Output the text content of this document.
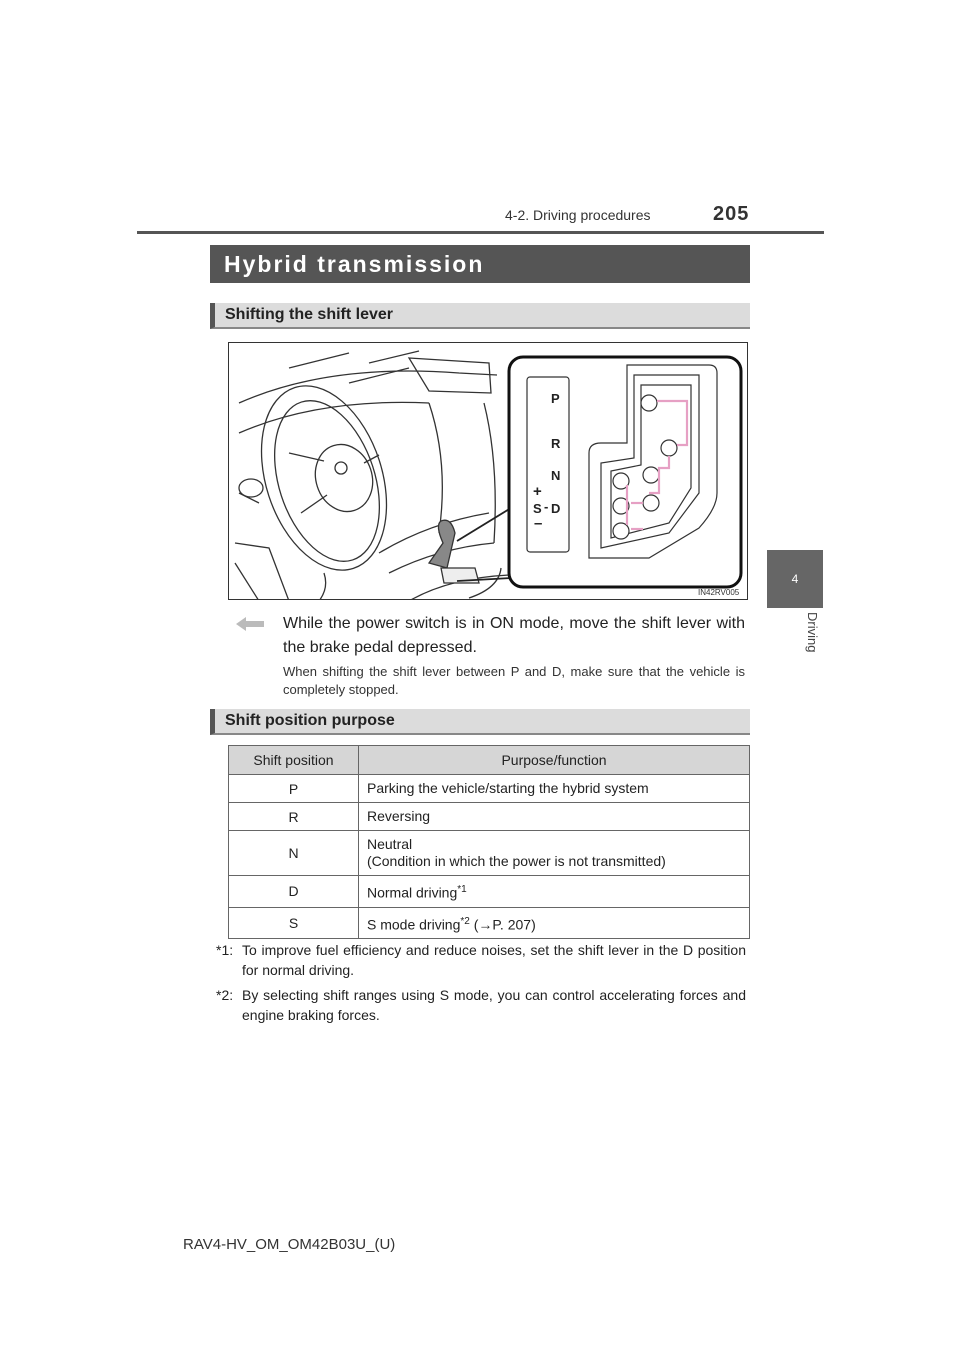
4-2. Driving procedures	205
4
Driving
Hybrid transmission
Shifting the shift lever
P
R
N
D
S
+
-
–
IN42RV005
While the power switch is in ON mode, move the shift lever with the brake pedal depressed.
When shifting the shift lever between P and D, make sure that the vehicle is completely stopped.
Shift position purpose
Shift position	Purpose/function
P	Parking the vehicle/starting the hybrid system
R	Reversing
N	Neutral
(Condition in which the power is not transmitted)

D	Normal driving$^{*1}$
S	S mode driving$^{*2}$ (→P. 207)
*1: To improve fuel efficiency and reduce noises, set the shift lever in the D position for normal driving.
*2: By selecting shift ranges using S mode, you can control accelerating forces and engine braking forces.
RAV4-HV_OM_OM42B03U_(U)
